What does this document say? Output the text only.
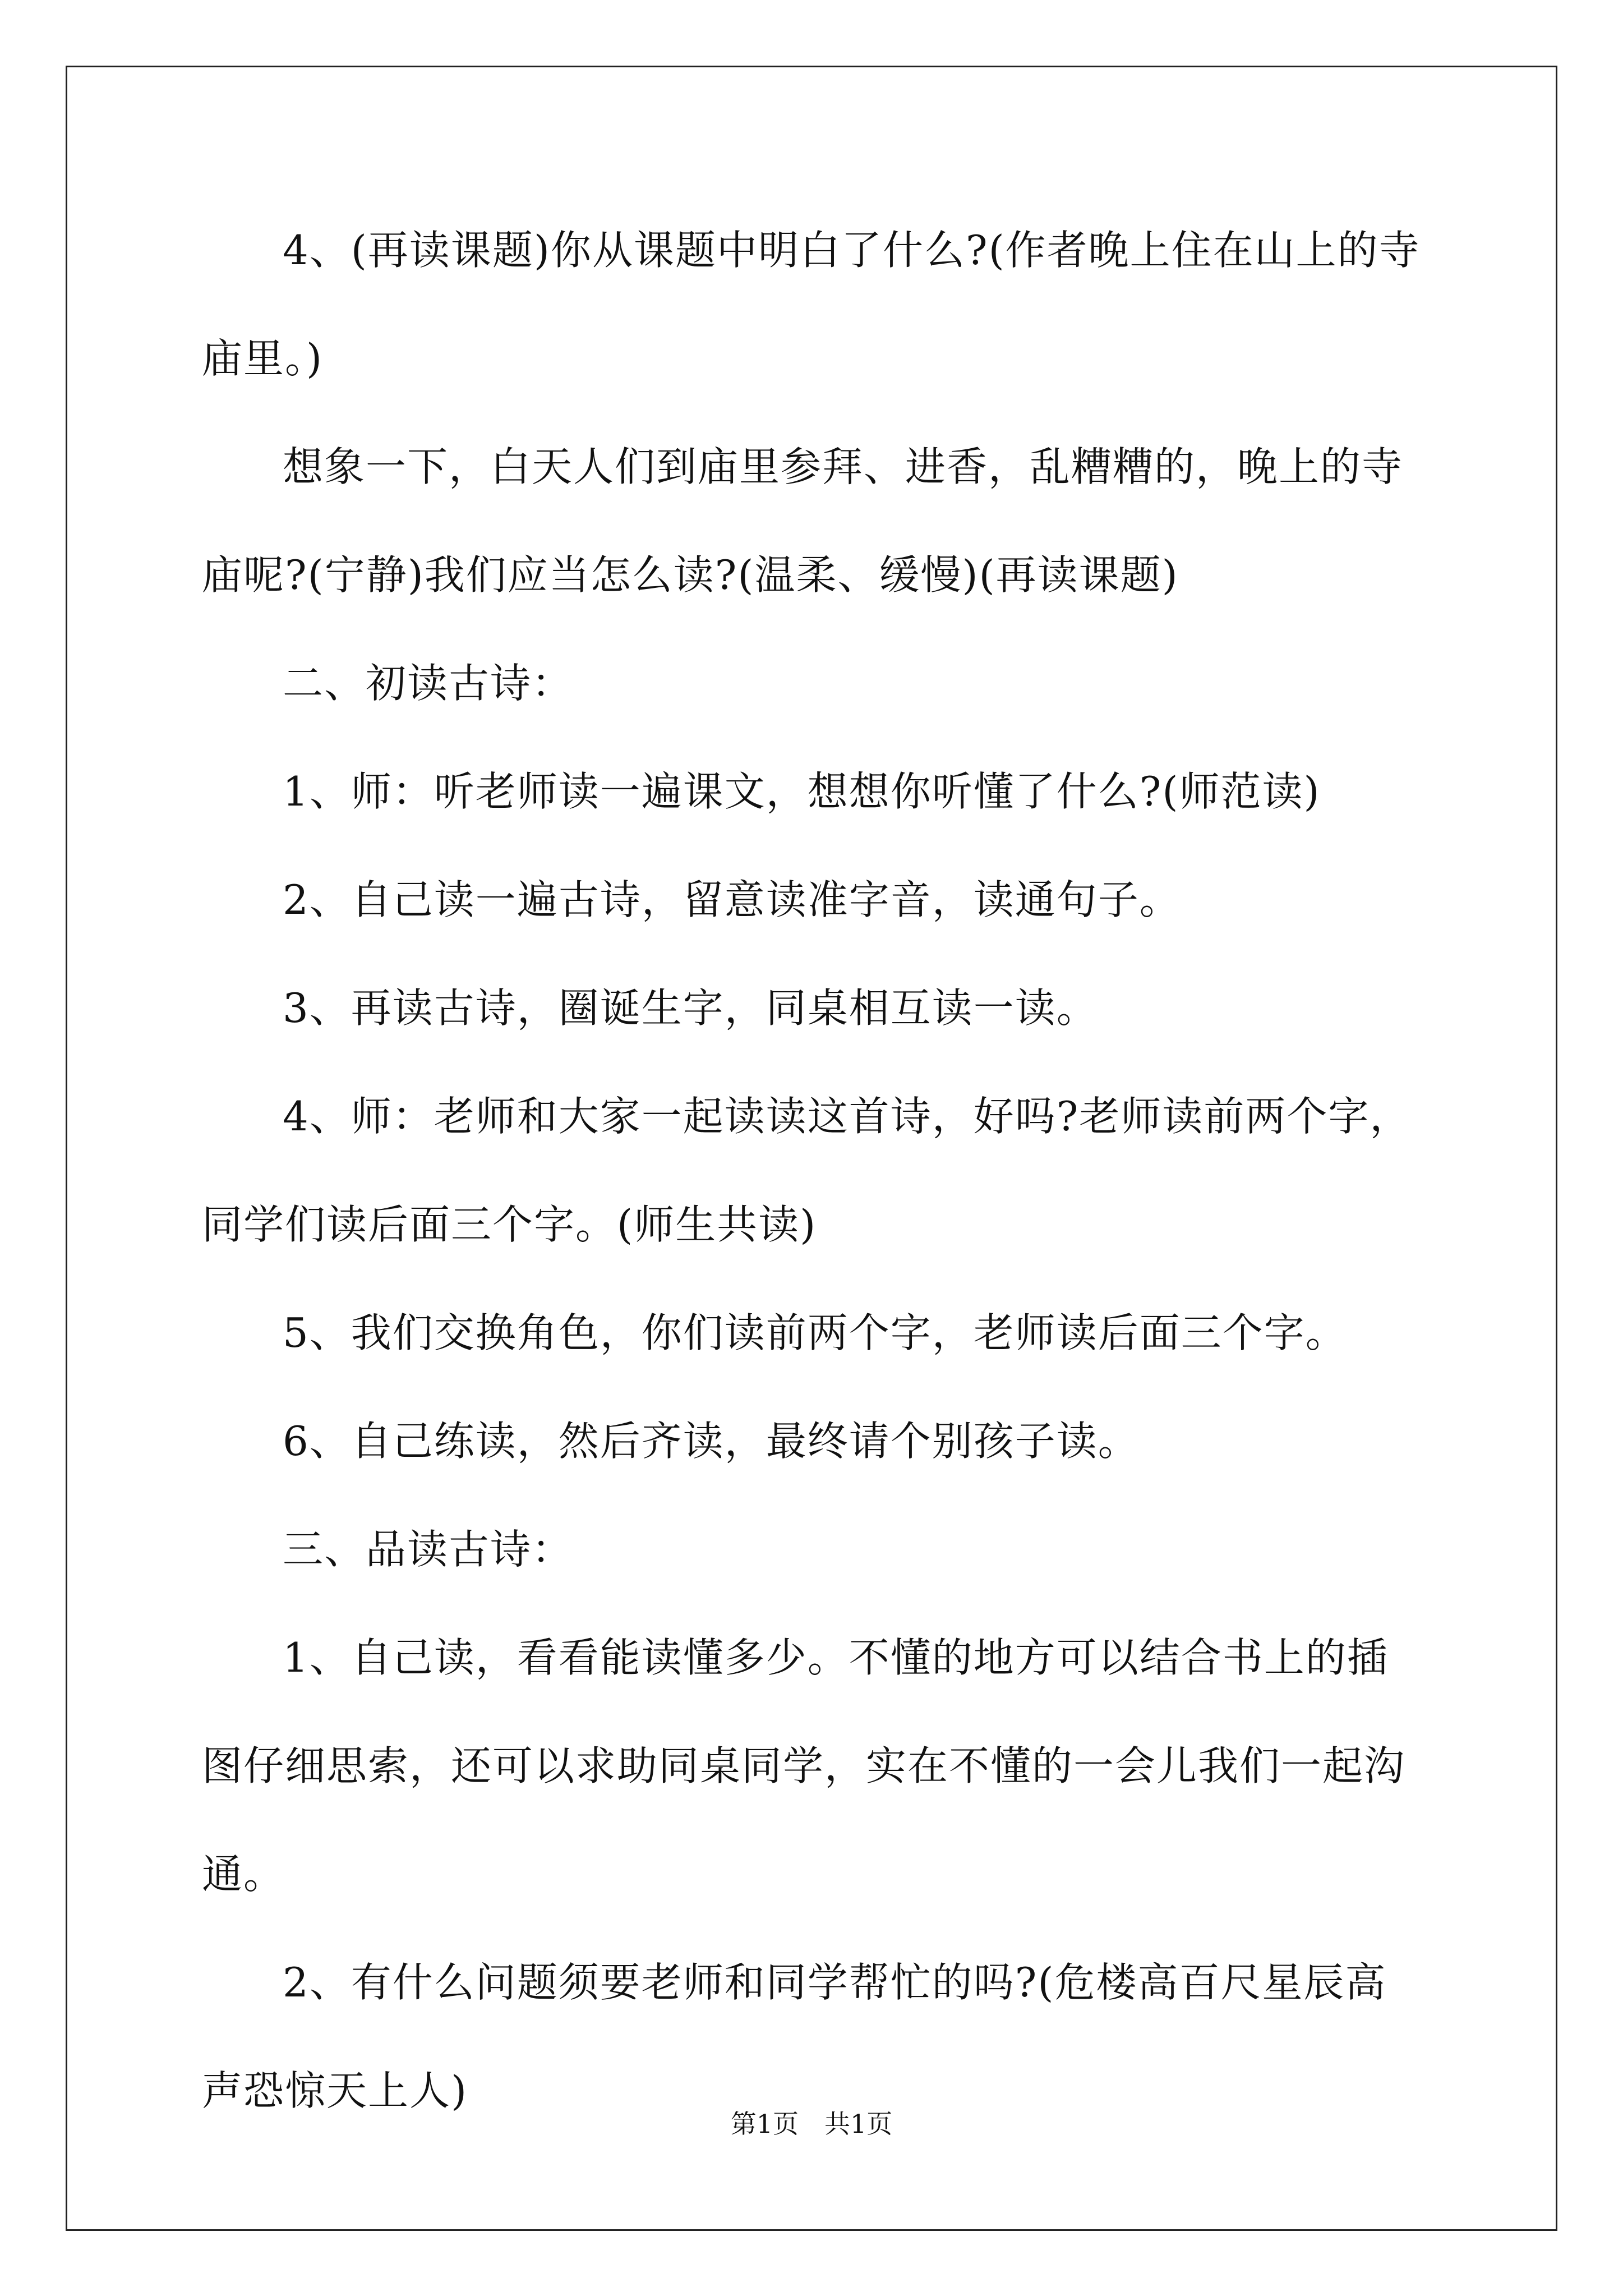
4、(再读课题)你从课题中明白了什么?(作者晚上住在山上的寺庙里。)

想象一下，白天人们到庙里参拜、进香，乱糟糟的，晚上的寺庙呢?(宁静)我们应当怎么读?(温柔、缓慢)(再读课题)

二、初读古诗：

1、师：听老师读一遍课文，想想你听懂了什么?(师范读)

2、自己读一遍古诗，留意读准字音，读通句子。

3、再读古诗，圈诞生字，同桌相互读一读。

4、师：老师和大家一起读读这首诗，好吗?老师读前两个字，同学们读后面三个字。(师生共读)

5、我们交换角色，你们读前两个字，老师读后面三个字。

6、自己练读，然后齐读，最终请个别孩子读。

三、品读古诗：

1、自己读，看看能读懂多少。不懂的地方可以结合书上的插图仔细思索，还可以求助同桌同学，实在不懂的一会儿我们一起沟通。

2、有什么问题须要老师和同学帮忙的吗?(危楼高百尺星辰高声恐惊天上人)

第1页　共1页
